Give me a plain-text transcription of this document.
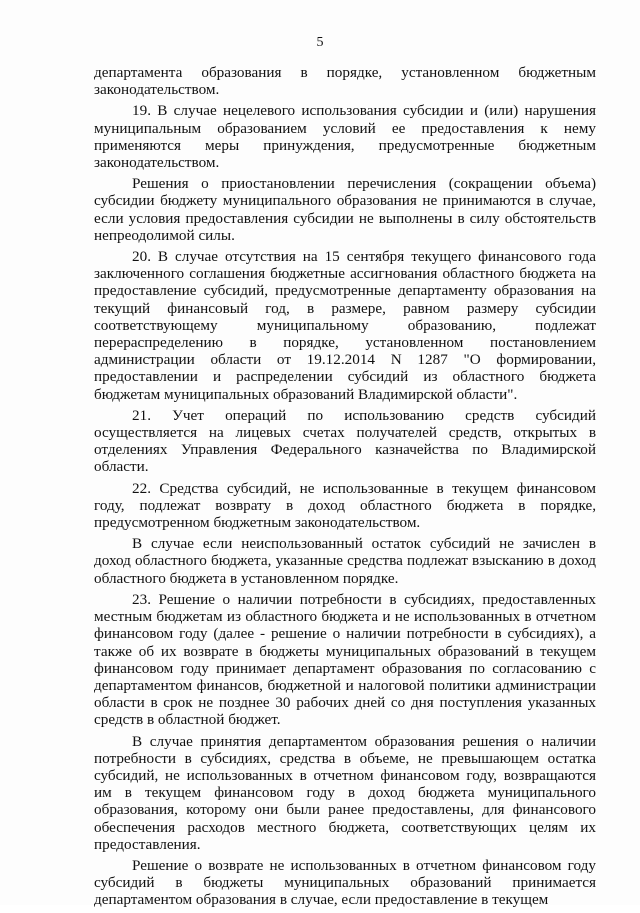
5

департамента образования в порядке, установленном бюджетным законодательством.

19. В случае нецелевого использования субсидии и (или) нарушения муниципальным образованием условий ее предоставления к нему применяются меры принуждения, предусмотренные бюджетным законодательством.

Решения о приостановлении перечисления (сокращении объема) субсидии бюджету муниципального образования не принимаются в случае, если условия предоставления субсидии не выполнены в силу обстоятельств непреодолимой силы.

20. В случае отсутствия на 15 сентября текущего финансового года заключенного соглашения бюджетные ассигнования областного бюджета на предоставление субсидий, предусмотренные департаменту образования на текущий финансовый год, в размере, равном размеру субсидии соответствующему муниципальному образованию, подлежат перераспределению в порядке, установленном постановлением администрации области от 19.12.2014 N 1287 "О формировании, предоставлении и распределении субсидий из областного бюджета бюджетам муниципальных образований Владимирской области".

21. Учет операций по использованию средств субсидий осуществляется на лицевых счетах получателей средств, открытых в отделениях Управления Федерального казначейства по Владимирской области.

22. Средства субсидий, не использованные в текущем финансовом году, подлежат возврату в доход областного бюджета в порядке, предусмотренном бюджетным законодательством.

В случае если неиспользованный остаток субсидий не зачислен в доход областного бюджета, указанные средства подлежат взысканию в доход областного бюджета в установленном порядке.

23. Решение о наличии потребности в субсидиях, предоставленных местным бюджетам из областного бюджета и не использованных в отчетном финансовом году (далее - решение о наличии потребности в субсидиях), а также об их возврате в бюджеты муниципальных образований в текущем финансовом году принимает департамент образования по согласованию с департаментом финансов, бюджетной и налоговой политики администрации области в срок не позднее 30 рабочих дней со дня поступления указанных средств в областной бюджет.

В случае принятия департаментом образования решения о наличии потребности в субсидиях, средства в объеме, не превышающем остатка субсидий, не использованных в отчетном финансовом году, возвращаются им в текущем финансовом году в доход бюджета муниципального образования, которому они были ранее предоставлены, для финансового обеспечения расходов местного бюджета, соответствующих целям их предоставления.

Решение о возврате не использованных в отчетном финансовом году субсидий в бюджеты муниципальных образований принимается департаментом образования в случае, если предоставление в текущем
